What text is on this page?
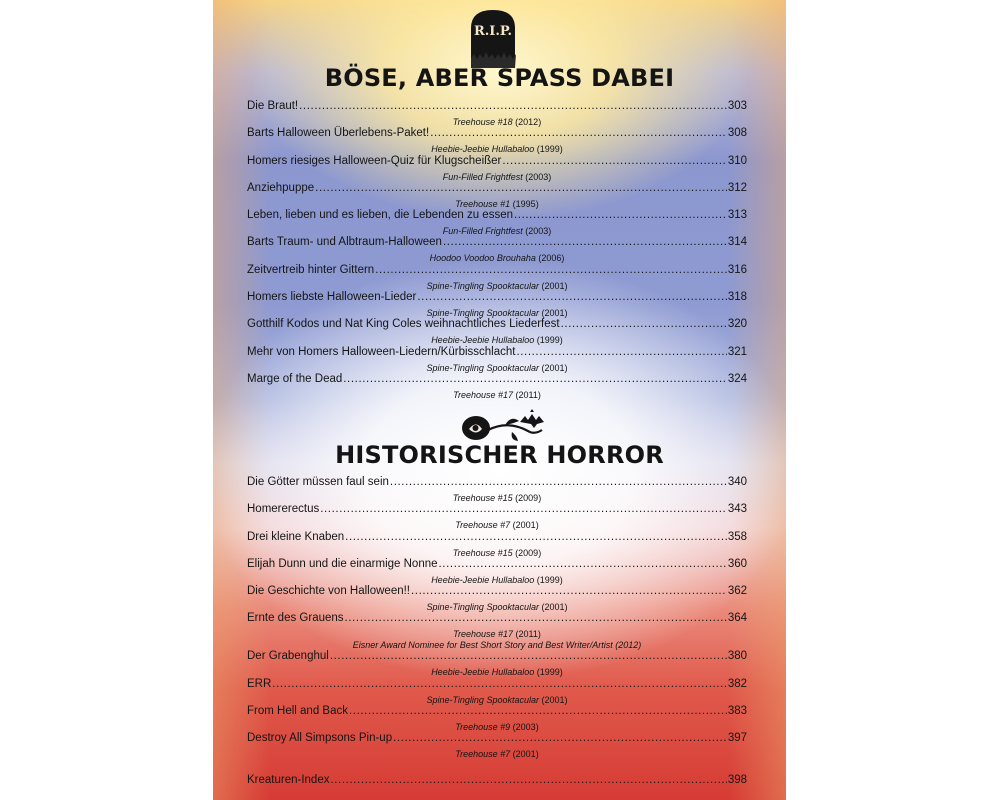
R.I.P.
BÖSE, ABER SPASS DABEI
Die Braut! .....	303
Treehouse #18 (2012)
Barts Halloween Überlebens-Paket! .....	308
Heebie-Jeebie Hullabaloo (1999)
Homers riesiges Halloween-Quiz für Klugscheißer .....	310
Fun-Filled Frightfest (2003)
Anziehpuppe .....	312
Treehouse #1 (1995)
Leben, lieben und es lieben, die Lebenden zu essen .....	313
Fun-Filled Frightfest (2003)
Barts Traum- und Albtraum-Halloween .....	314
Hoodoo Voodoo Brouhaha (2006)
Zeitvertreib hinter Gittern .....	316
Spine-Tingling Spooktacular (2001)
Homers liebste Halloween-Lieder .....	318
Spine-Tingling Spooktacular (2001)
Gotthilf Kodos und Nat King Coles weihnachtliches Liederfest .....	320
Heebie-Jeebie Hullabaloo (1999)
Mehr von Homers Halloween-Liedern/Kürbisschlacht .....	321
Spine-Tingling Spooktacular (2001)
Marge of the Dead .....	324
Treehouse #17 (2011)
HISTORISCHER HORROR
Die Götter müssen faul sein .....	340
Treehouse #15 (2009)
Homererectus .....	343
Treehouse #7 (2001)
Drei kleine Knaben .....	358
Treehouse #15 (2009)
Elijah Dunn und die einarmige Nonne .....	360
Heebie-Jeebie Hullabaloo (1999)
Die Geschichte von Halloween!! .....	362
Spine-Tingling Spooktacular (2001)
Ernte des Grauens .....	364
Treehouse #17 (2011)
Eisner Award Nominee for Best Short Story and Best Writer/Artist (2012)
Der Grabenghul .....	380
Heebie-Jeebie Hullabaloo (1999)
ERR .....	382
Spine-Tingling Spooktacular (2001)
From Hell and Back .....	383
Treehouse #9 (2003)
Destroy All Simpsons Pin-up .....	397
Treehouse #7 (2001)
Kreaturen-Index .....	398
